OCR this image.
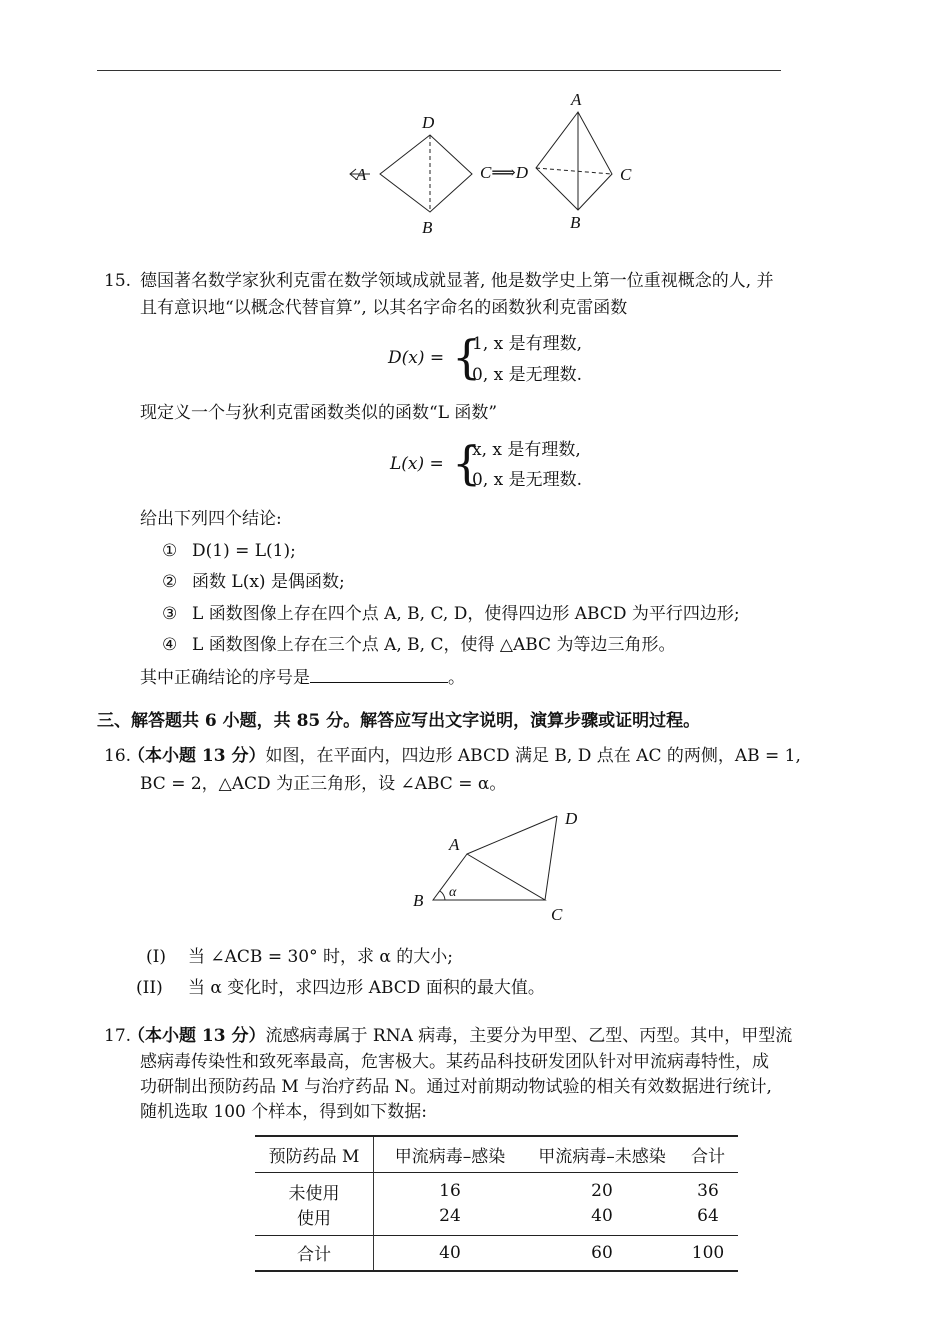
A
D
B
C⟹D
A
C
B
15. 德国著名数学家狄利克雷在数学领域成就显著, 他是数学史上第一位重视概念的人, 并
且有意识地“以概念代替盲算”, 以其名字命名的函数狄利克雷函数
D(x) = {
1, x 是有理数,
0, x 是无理数.
现定义一个与狄利克雷函数类似的函数“L 函数”
L(x) = {
x, x 是有理数,
0, x 是无理数.
给出下列四个结论:
① D(1) = L(1);
② 函数 L(x) 是偶函数;
③ L 函数图像上存在四个点 A, B, C, D，使得四边形 ABCD 为平行四边形;
④ L 函数图像上存在三个点 A, B, C，使得 △ABC 为等边三角形。
其中正确结论的序号是	。
三、解答题共 6 小题，共 85 分。解答应写出文字说明，演算步骤或证明过程。
16.
（本小题 13 分）如图，在平面内，四边形 ABCD 满足 B, D 点在 AC 的两侧，AB = 1,
BC = 2，△ACD 为正三角形，设 ∠ABC = α。
A
B
C
D
α
(I) 当 ∠ACB = 30° 时，求 α 的大小;
(II) 当 α 变化时，求四边形 ABCD 面积的最大值。
17.
（本小题 13 分）流感病毒属于 RNA 病毒，主要分为甲型、乙型、丙型。其中，甲型流
感病毒传染性和致死率最高，危害极大。某药品科技研发团队针对甲流病毒特性，成
功研制出预防药品 M 与治疗药品 N。通过对前期动物试验的相关有效数据进行统计,
随机选取 100 个样本，得到如下数据:
预防药品 M	甲流病毒–感染	甲流病毒–未感染	合计
未使用	16	20	36
使用	24	40	64
合计	40	60	100
